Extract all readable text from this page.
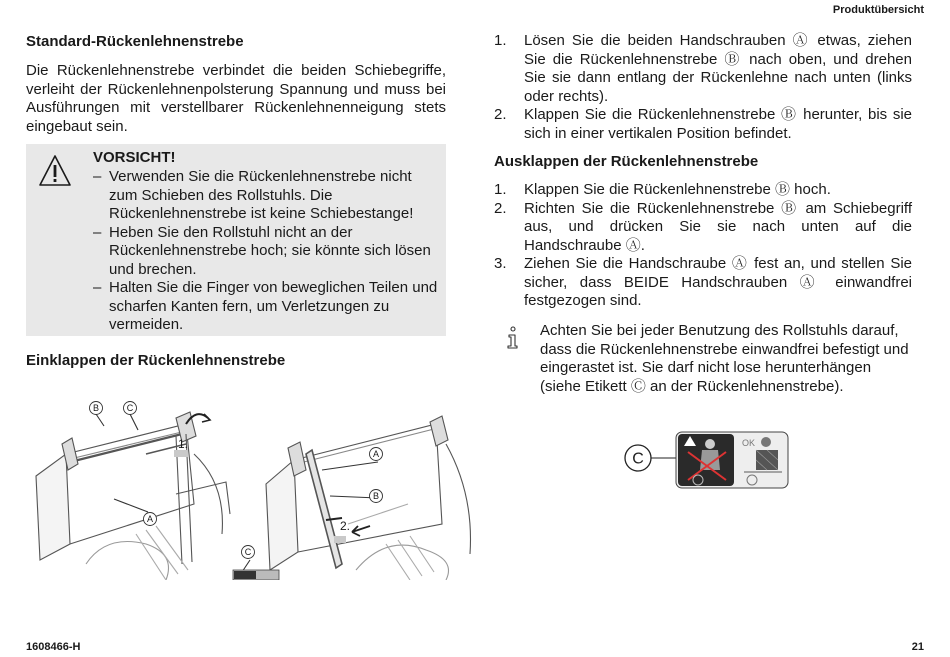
Produktübersicht
Standard-Rückenlehnenstrebe

Die Rückenlehnenstrebe verbindet die beiden Schiebegriffe, verleiht der Rückenlehnenpolsterung Spannung und muss bei Ausführungen mit verstellbarer Rückenlehnenneigung stets eingebaut sein.

VORSICHT!
– Verwenden Sie die Rückenlehnenstrebe nicht zum Schieben des Rollstuhls. Die Rückenlehnenstrebe ist keine Schiebestange!
– Heben Sie den Rollstuhl nicht an der Rückenlehnenstrebe hoch; sie könnte sich lösen und brechen.
– Halten Sie die Finger von beweglichen Teilen und scharfen Kanten fern, um Verletzungen zu vermeiden.
Einklappen der Rückenlehnenstrebe
B	C
A
1.
A
B
2.
C
1. Lösen Sie die beiden Handschrauben Ⓐ etwas, ziehen Sie die Rückenlehnenstrebe Ⓑ nach oben, und drehen Sie sie dann entlang der Rückenlehne nach unten (links oder rechts).
2. Klappen Sie die Rückenlehnenstrebe Ⓑ herunter, bis sie sich in einer vertikalen Position befindet.
Ausklappen der Rückenlehnenstrebe
1. Klappen Sie die Rückenlehnenstrebe Ⓑ hoch.
2. Richten Sie die Rückenlehnenstrebe Ⓑ am Schiebegriff aus, und drücken Sie sie nach unten auf die Handschraube Ⓐ.
3. Ziehen Sie die Handschraube Ⓐ fest an, und stellen Sie sicher, dass BEIDE Handschrauben Ⓐ einwandfrei festgezogen sind.
Achten Sie bei jeder Benutzung des Rollstuhls darauf, dass die Rückenlehnenstrebe einwandfrei befestigt und eingerastet ist. Sie darf nicht lose herunterhängen (siehe Etikett Ⓒ an der Rückenlehnenstrebe).
C
OK
1608466-H	21
